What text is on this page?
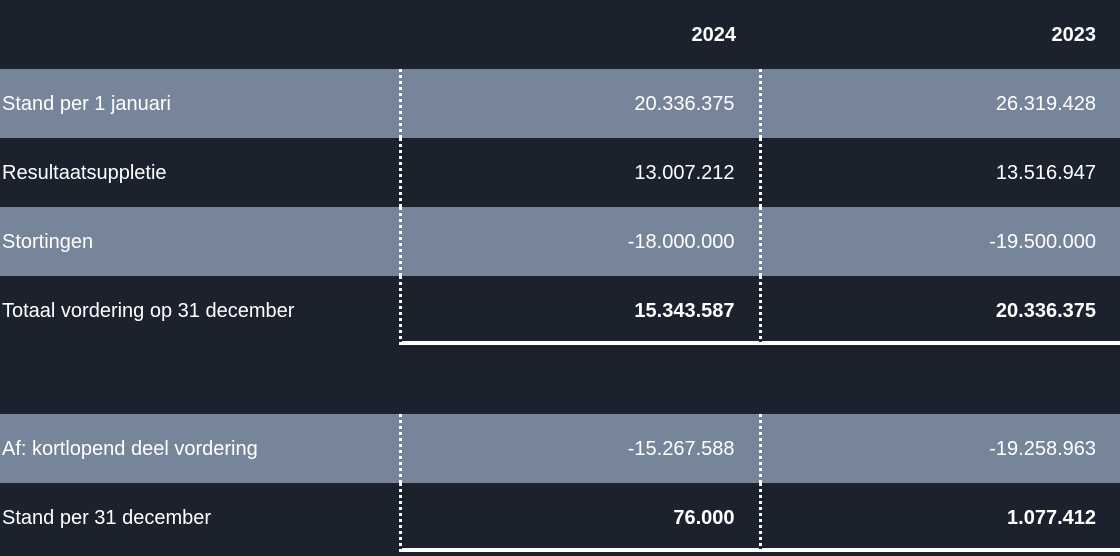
	2024	2023
Stand per 1 januari	20.336.375	26.319.428
Resultaatsuppletie	13.007.212	13.516.947
Stortingen	-18.000.000	-19.500.000
Totaal vordering op 31 december	15.343.587	20.336.375

Af: kortlopend deel vordering	-15.267.588	-19.258.963
Stand per 31 december	76.000	1.077.412
